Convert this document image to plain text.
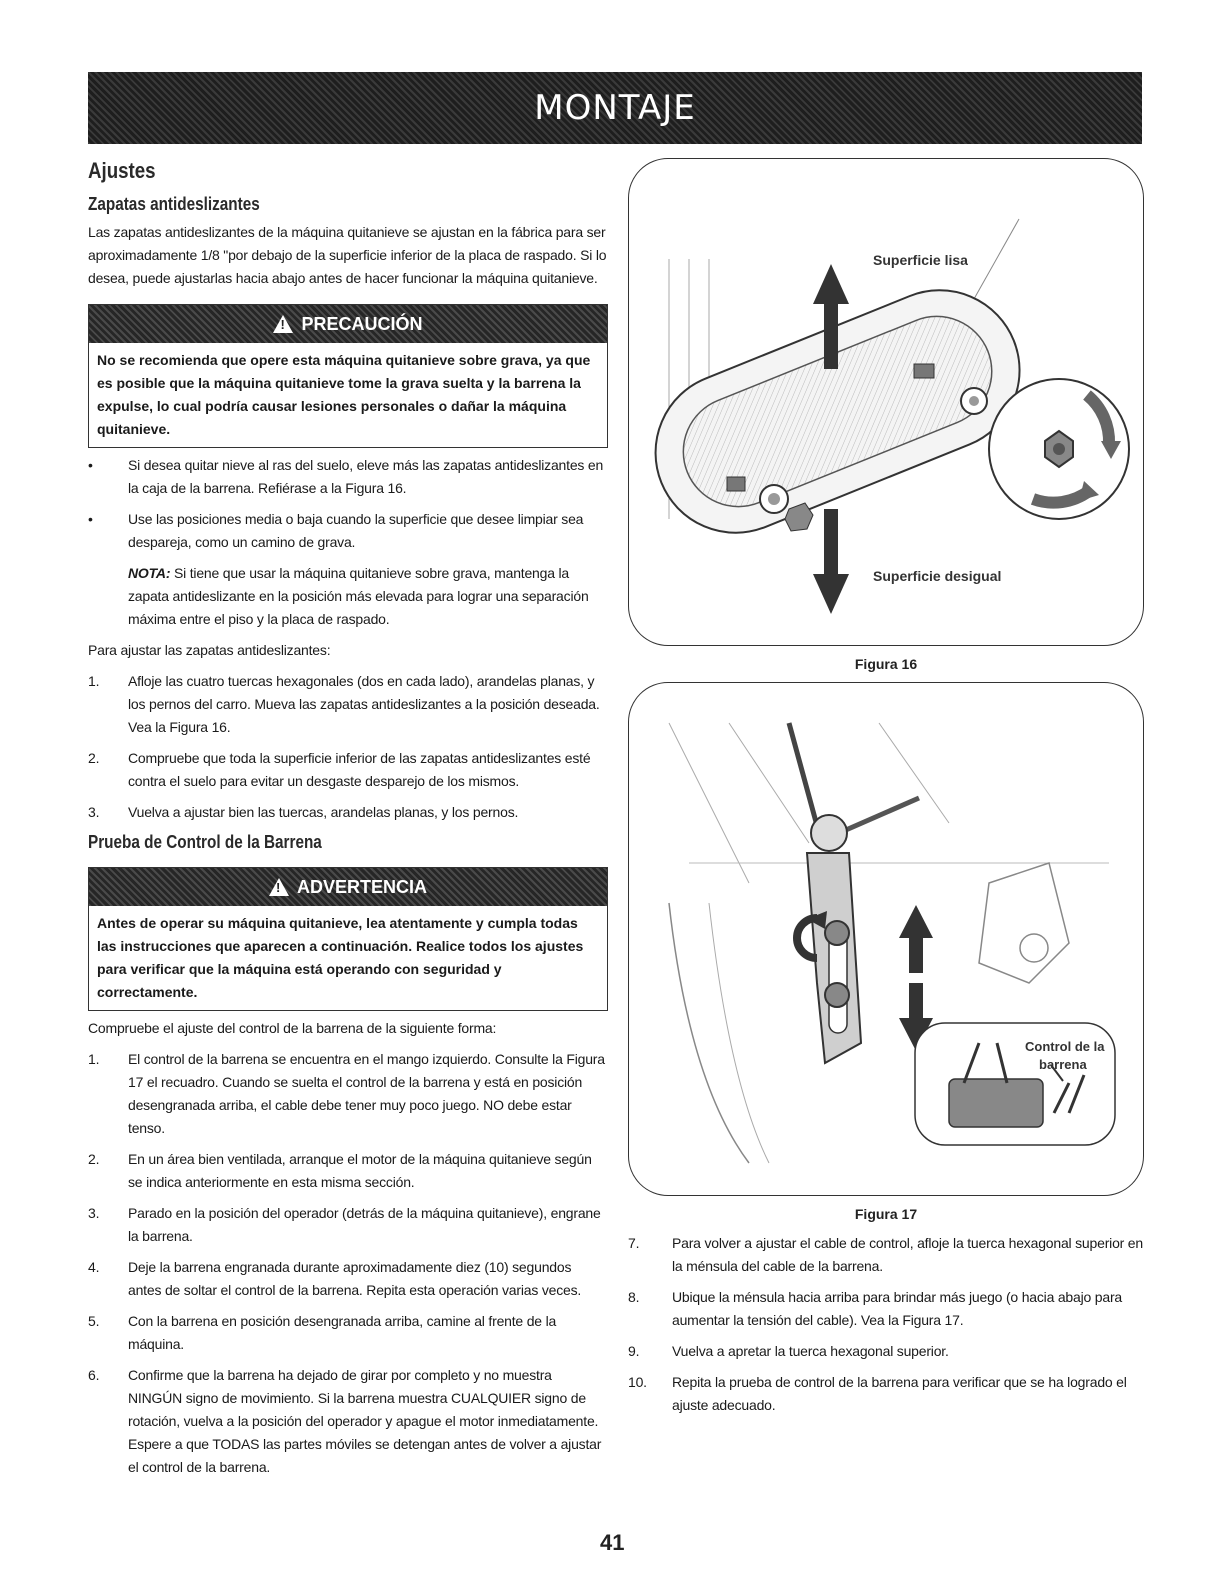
MONTAJE
Ajustes
Zapatas antideslizantes

Las zapatas antideslizantes de la máquina quitanieve se ajustan en la fábrica para ser aproximadamente 1/8 "por debajo de la superficie inferior de la placa de raspado. Si lo desea, puede ajustarlas hacia abajo antes de hacer funcionar la máquina quitanieve.

!
PRECAUCIÓN
No se recomienda que opere esta máquina quitanieve sobre grava, ya que es posible que la máquina quitanieve tome la grava suelta y la barrena la expulse, lo cual podría causar lesiones personales o dañar la máquina quitanieve.
•	Si desea quitar nieve al ras del suelo, eleve más las zapatas antideslizantes en la caja de la barrena. Refiérase a la Figura 16.
•	Use las posiciones media o baja cuando la superficie que desee limpiar sea despareja, como un camino de grava.
NOTA: Si tiene que usar la máquina quitanieve sobre grava, mantenga la zapata antideslizante en la posición más elevada para lograr una separación máxima entre el piso y la placa de raspado.

Para ajustar las zapatas antideslizantes:

1.	Afloje las cuatro tuercas hexagonales (dos en cada lado), arandelas planas, y los pernos del carro. Mueva las zapatas antideslizantes a la posición deseada. Vea la Figura 16.
2.	Compruebe que toda la superficie inferior de las zapatas antideslizantes esté contra el suelo para evitar un desgaste desparejo de los mismos.
3.	Vuelva a ajustar bien las tuercas, arandelas planas, y los pernos.
Prueba de Control de la Barrena
!
ADVERTENCIA
Antes de operar su máquina quitanieve, lea atentamente y cumpla todas las instrucciones que aparecen a continuación. Realice todos los ajustes para verificar que la máquina está operando con seguridad y correctamente.

Compruebe el ajuste del control de la barrena de la siguiente forma:

1.	El control de la barrena se encuentra en el mango izquierdo. Consulte la Figura 17 el recuadro. Cuando se suelta el control de la barrena y está en posición desengranada arriba, el cable debe tener muy poco juego. NO debe estar tenso.
2.	En un área bien ventilada, arranque el motor de la máquina quitanieve según se indica anteriormente en esta misma sección.
3.	Parado en la posición del operador (detrás de la máquina quitanieve), engrane la barrena.
4.	Deje la barrena engranada durante aproximadamente diez (10) segundos antes de soltar el control de la barrena. Repita esta operación varias veces.
5.	Con la barrena en posición desengranada arriba, camine al frente de la máquina.
6.	Confirme que la barrena ha dejado de girar por completo y no muestra NINGÚN signo de movimiento. Si la barrena muestra CUALQUIER signo de rotación, vuelva a la posición del operador y apague el motor inmediatamente. Espere a que TODAS las partes móviles se detengan antes de volver a ajustar el control de la barrena.
Superficie lisa
Superficie desigual
Figura 16
Control de la
barrena
Figura 17
7.	Para volver a ajustar el cable de control, afloje la tuerca hexagonal superior en la ménsula del cable de la barrena.
8.	Ubique la ménsula hacia arriba para brindar más juego (o hacia abajo para aumentar la tensión del cable). Vea la Figura 17.
9.	Vuelva a apretar la tuerca hexagonal superior.
10.	Repita la prueba de control de la barrena para verificar que se ha logrado el ajuste adecuado.
41
